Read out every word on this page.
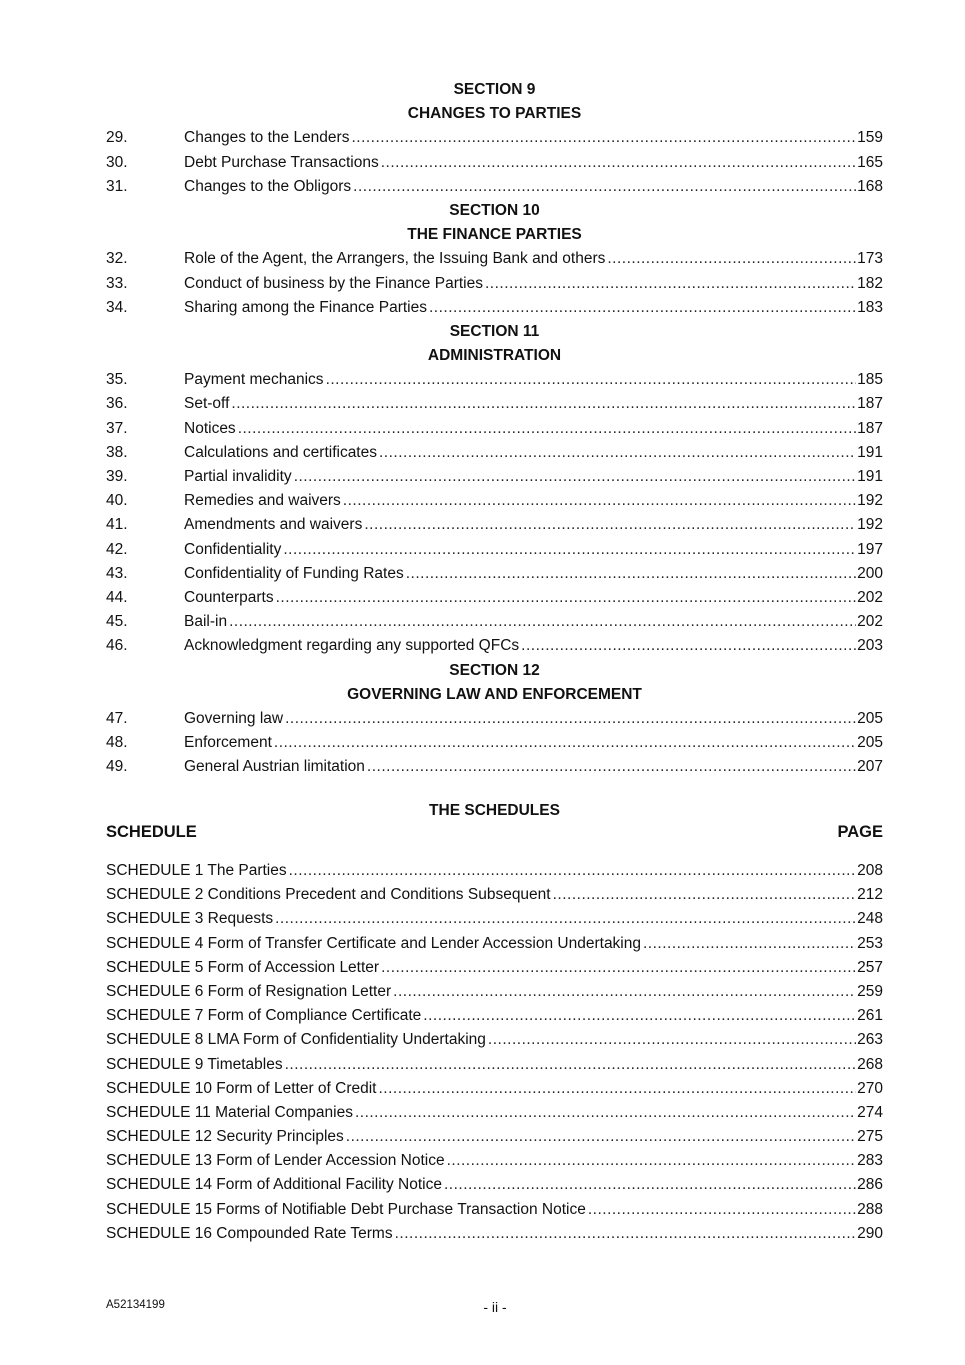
SECTION 9
CHANGES TO PARTIES
29.	Changes to the Lenders .....	159
30.	Debt Purchase Transactions .....	165
31.	Changes to the Obligors .....	168
SECTION 10
THE FINANCE PARTIES
32.	Role of the Agent, the Arrangers, the Issuing Bank and others .....	173
33.	Conduct of business by the Finance Parties .....	182
34.	Sharing among the Finance Parties .....	183
SECTION 11
ADMINISTRATION
35.	Payment mechanics .....	185
36.	Set-off .....	187
37.	Notices .....	187
38.	Calculations and certificates .....	191
39.	Partial invalidity .....	191
40.	Remedies and waivers .....	192
41.	Amendments and waivers .....	192
42.	Confidentiality .....	197
43.	Confidentiality of Funding Rates .....	200
44.	Counterparts .....	202
45.	Bail-in .....	202
46.	Acknowledgment regarding any supported QFCs .....	203
SECTION 12
GOVERNING LAW AND ENFORCEMENT
47.	Governing law .....	205
48.	Enforcement .....	205
49.	General Austrian limitation .....	207
THE SCHEDULES
SCHEDULE	PAGE
SCHEDULE 1 The Parties .....	208
SCHEDULE 2 Conditions Precedent and Conditions Subsequent .....	212
SCHEDULE 3 Requests .....	248
SCHEDULE 4 Form of Transfer Certificate and Lender Accession Undertaking .....	253
SCHEDULE 5 Form of Accession Letter .....	257
SCHEDULE 6 Form of Resignation Letter .....	259
SCHEDULE 7 Form of Compliance Certificate .....	261
SCHEDULE 8 LMA Form of Confidentiality Undertaking .....	263
SCHEDULE 9 Timetables .....	268
SCHEDULE 10 Form of Letter of Credit .....	270
SCHEDULE 11 Material Companies .....	274
SCHEDULE 12 Security Principles .....	275
SCHEDULE 13 Form of Lender Accession Notice .....	283
SCHEDULE 14 Form of Additional Facility Notice .....	286
SCHEDULE 15 Forms of Notifiable Debt Purchase Transaction Notice .....	288
SCHEDULE 16 Compounded Rate Terms .....	290
A52134199	- ii -
